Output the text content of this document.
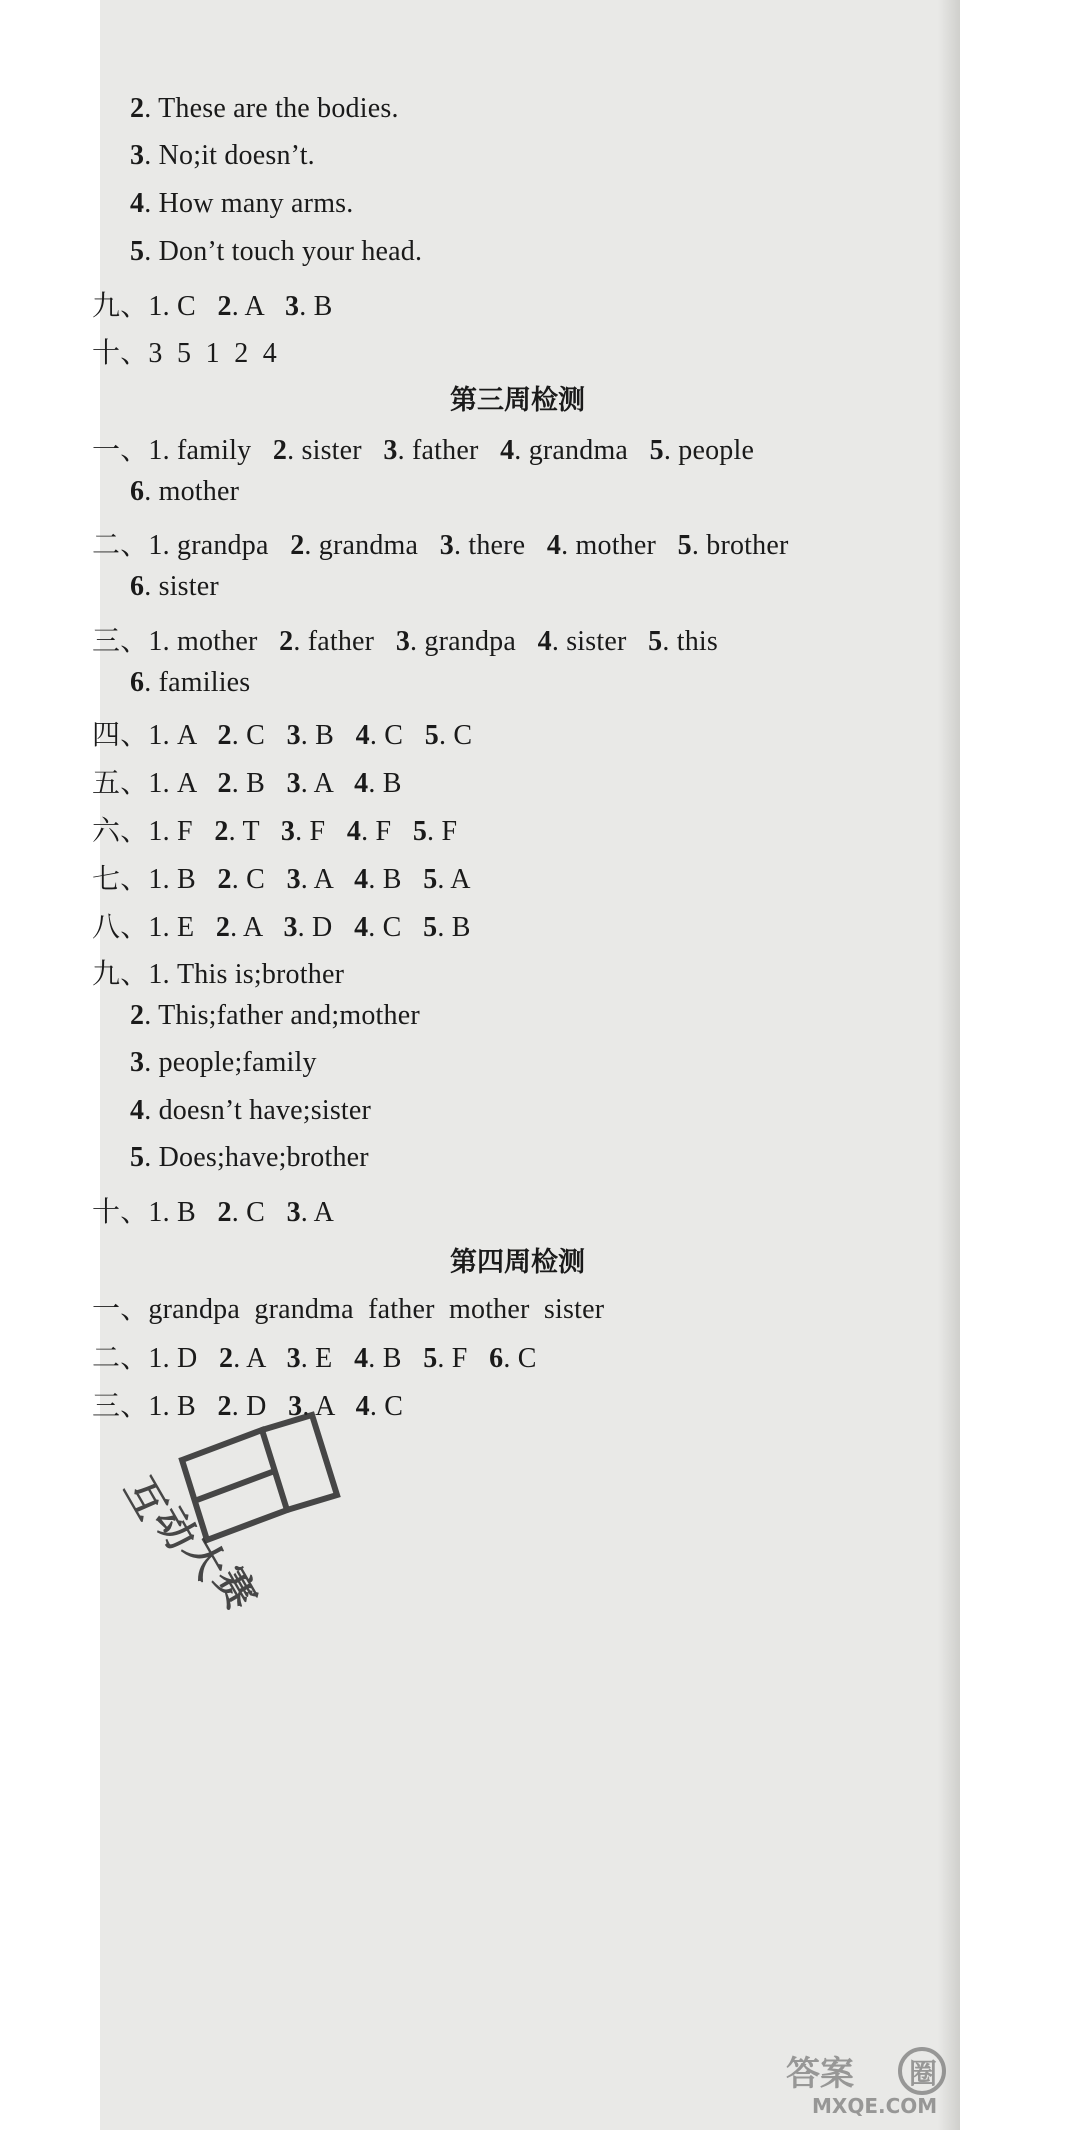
2. These are the bodies.
3. No;it doesn’t.
4. How many arms.
5. Don’t touch your head.
九、1. C   2. A   3. B
十、3  5  1  2  4
第三周检测
一、1. family   2. sister   3. father   4. grandma   5. people
6. mother
二、1. grandpa   2. grandma   3. there   4. mother   5. brother
6. sister
三、1. mother   2. father   3. grandpa   4. sister   5. this
6. families
四、1. A   2. C   3. B   4. C   5. C
五、1. A   2. B   3. A   4. B
六、1. F   2. T   3. F   4. F   5. F
七、1. B   2. C   3. A   4. B   5. A
八、1. E   2. A   3. D   4. C   5. B
九、1. This is;brother
2. This;father and;mother
3. people;family
4. doesn’t have;sister
5. Does;have;brother
十、1. B   2. C   3. A
第四周检测
一、grandpa  grandma  father  mother  sister
二、1. D   2. A   3. E   4. B   5. F   6. C
三、1. B   2. D   3. A   4. C
互
动
大
赛
答案 圈
MXQE.COM
